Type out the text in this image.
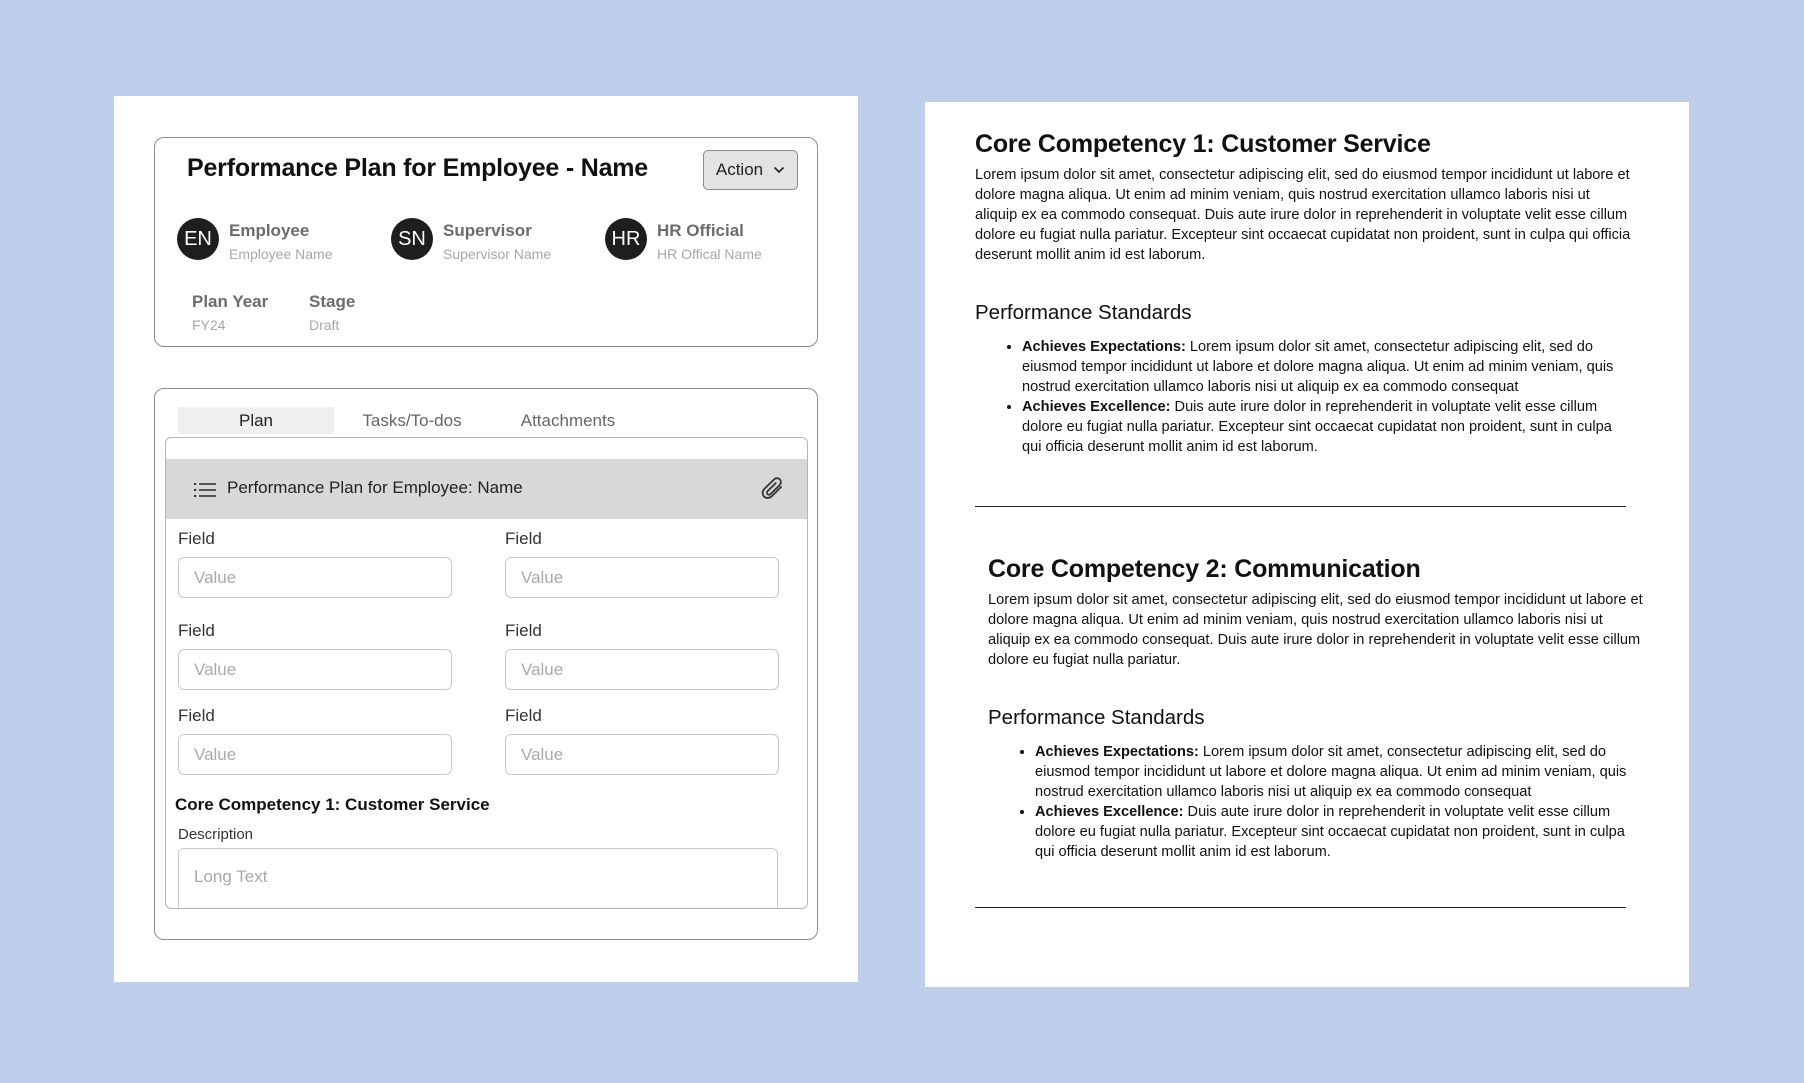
Performance Plan for Employee - Name	Action
EN	Employee
Employee Name
SN	Supervisor
Supervisor Name
HR HR Official
HR Offical Name
Plan Year
FY24
Stage
Draft
Plan	Tasks/To-dos	Attachments
Performance Plan for Employee: Name
Field
Value
Field
Value
Field
Value
Field
Value
Field
Value
Field
Value
Core Competency 1: Customer Service
Description
Long Text
Core Competency 1: Customer Service
Lorem ipsum dolor sit amet, consectetur adipiscing elit, sed do eiusmod tempor incididunt ut labore et dolore magna aliqua. Ut enim ad minim veniam, quis nostrud exercitation ullamco laboris nisi ut aliquip ex ea commodo consequat. Duis aute irure dolor in reprehenderit in voluptate velit esse cillum dolore eu fugiat nulla pariatur. Excepteur sint occaecat cupidatat non proident, sunt in culpa qui officia deserunt mollit anim id est laborum.
Performance Standards
• Achieves Expectations: Lorem ipsum dolor sit amet, consectetur adipiscing elit, sed do eiusmod tempor incididunt ut labore et dolore magna aliqua. Ut enim ad minim veniam, quis nostrud exercitation ullamco laboris nisi ut aliquip ex ea commodo consequat
• Achieves Excellence: Duis aute irure dolor in reprehenderit in voluptate velit esse cillum dolore eu fugiat nulla pariatur. Excepteur sint occaecat cupidatat non proident, sunt in culpa qui officia deserunt mollit anim id est laborum.
Core Competency 2: Communication
Lorem ipsum dolor sit amet, consectetur adipiscing elit, sed do eiusmod tempor incididunt ut labore et dolore magna aliqua. Ut enim ad minim veniam, quis nostrud exercitation ullamco laboris nisi ut aliquip ex ea commodo consequat. Duis aute irure dolor in reprehenderit in voluptate velit esse cillum dolore eu fugiat nulla pariatur.
Performance Standards
• Achieves Expectations: Lorem ipsum dolor sit amet, consectetur adipiscing elit, sed do eiusmod tempor incididunt ut labore et dolore magna aliqua. Ut enim ad minim veniam, quis nostrud exercitation ullamco laboris nisi ut aliquip ex ea commodo consequat
• Achieves Excellence: Duis aute irure dolor in reprehenderit in voluptate velit esse cillum dolore eu fugiat nulla pariatur. Excepteur sint occaecat cupidatat non proident, sunt in culpa qui officia deserunt mollit anim id est laborum.
